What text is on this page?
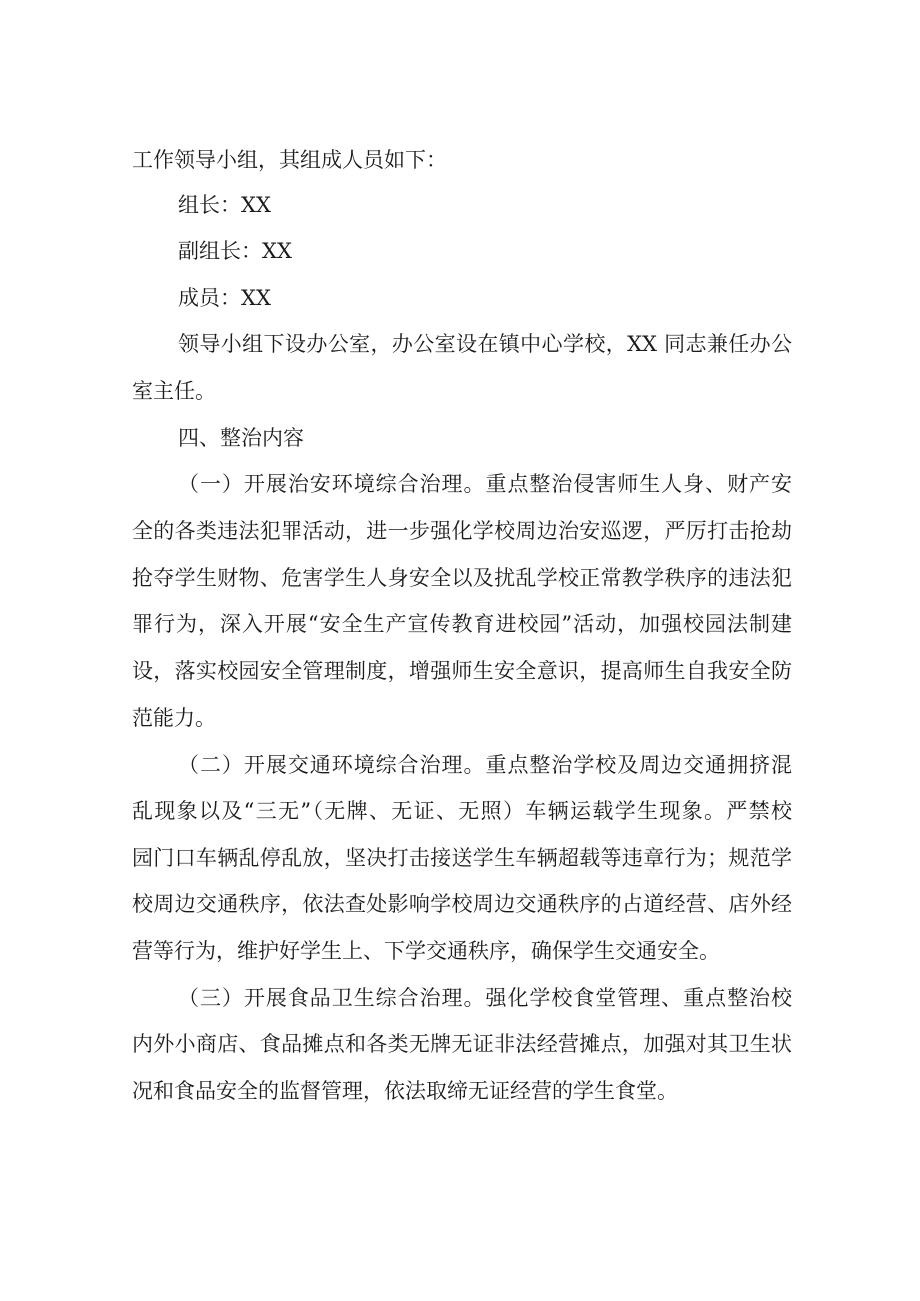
工作领导小组，其组成人员如下：
组长：XX
副组长：XX
成员：XX
领导小组下设办公室，办公室设在镇中心学校，XX 同志兼任办公
室主任。
四、整治内容
（一）开展治安环境综合治理。重点整治侵害师生人身、财产安
全的各类违法犯罪活动，进一步强化学校周边治安巡逻，严厉打击抢劫
抢夺学生财物、危害学生人身安全以及扰乱学校正常教学秩序的违法犯
罪行为，深入开展“安全生产宣传教育进校园”活动，加强校园法制建
设，落实校园安全管理制度，增强师生安全意识，提高师生自我安全防
范能力。
（二）开展交通环境综合治理。重点整治学校及周边交通拥挤混
乱现象以及“三无”（无牌、无证、无照）车辆运载学生现象。严禁校
园门口车辆乱停乱放，坚决打击接送学生车辆超载等违章行为；规范学
校周边交通秩序，依法查处影响学校周边交通秩序的占道经营、店外经
营等行为，维护好学生上、下学交通秩序，确保学生交通安全。
（三）开展食品卫生综合治理。强化学校食堂管理、重点整治校
内外小商店、食品摊点和各类无牌无证非法经营摊点，加强对其卫生状
况和食品安全的监督管理，依法取缔无证经营的学生食堂。
